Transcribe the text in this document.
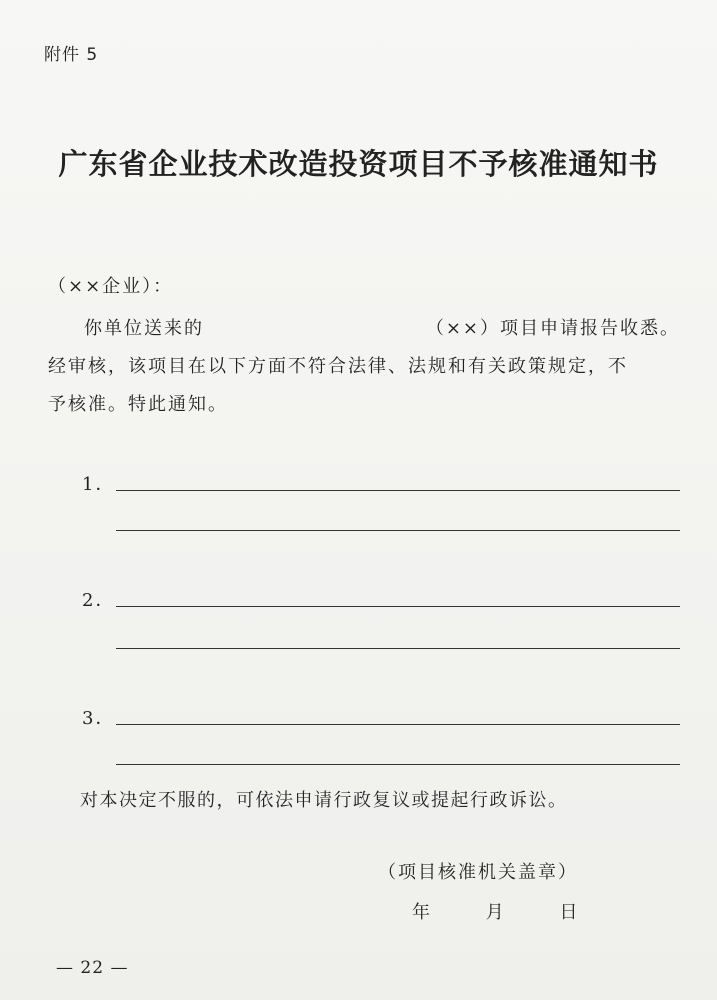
附件 5
广东省企业技术改造投资项目不予核准通知书
（××企业）：
你单位送来的	（××）项目申请报告收悉。
经审核，该项目在以下方面不符合法律、法规和有关政策规定，不
予核准。特此通知。
1．
2．
3．
对本决定不服的，可依法申请行政复议或提起行政诉讼。
（项目核准机关盖章）
年	月	日
— 22 —
